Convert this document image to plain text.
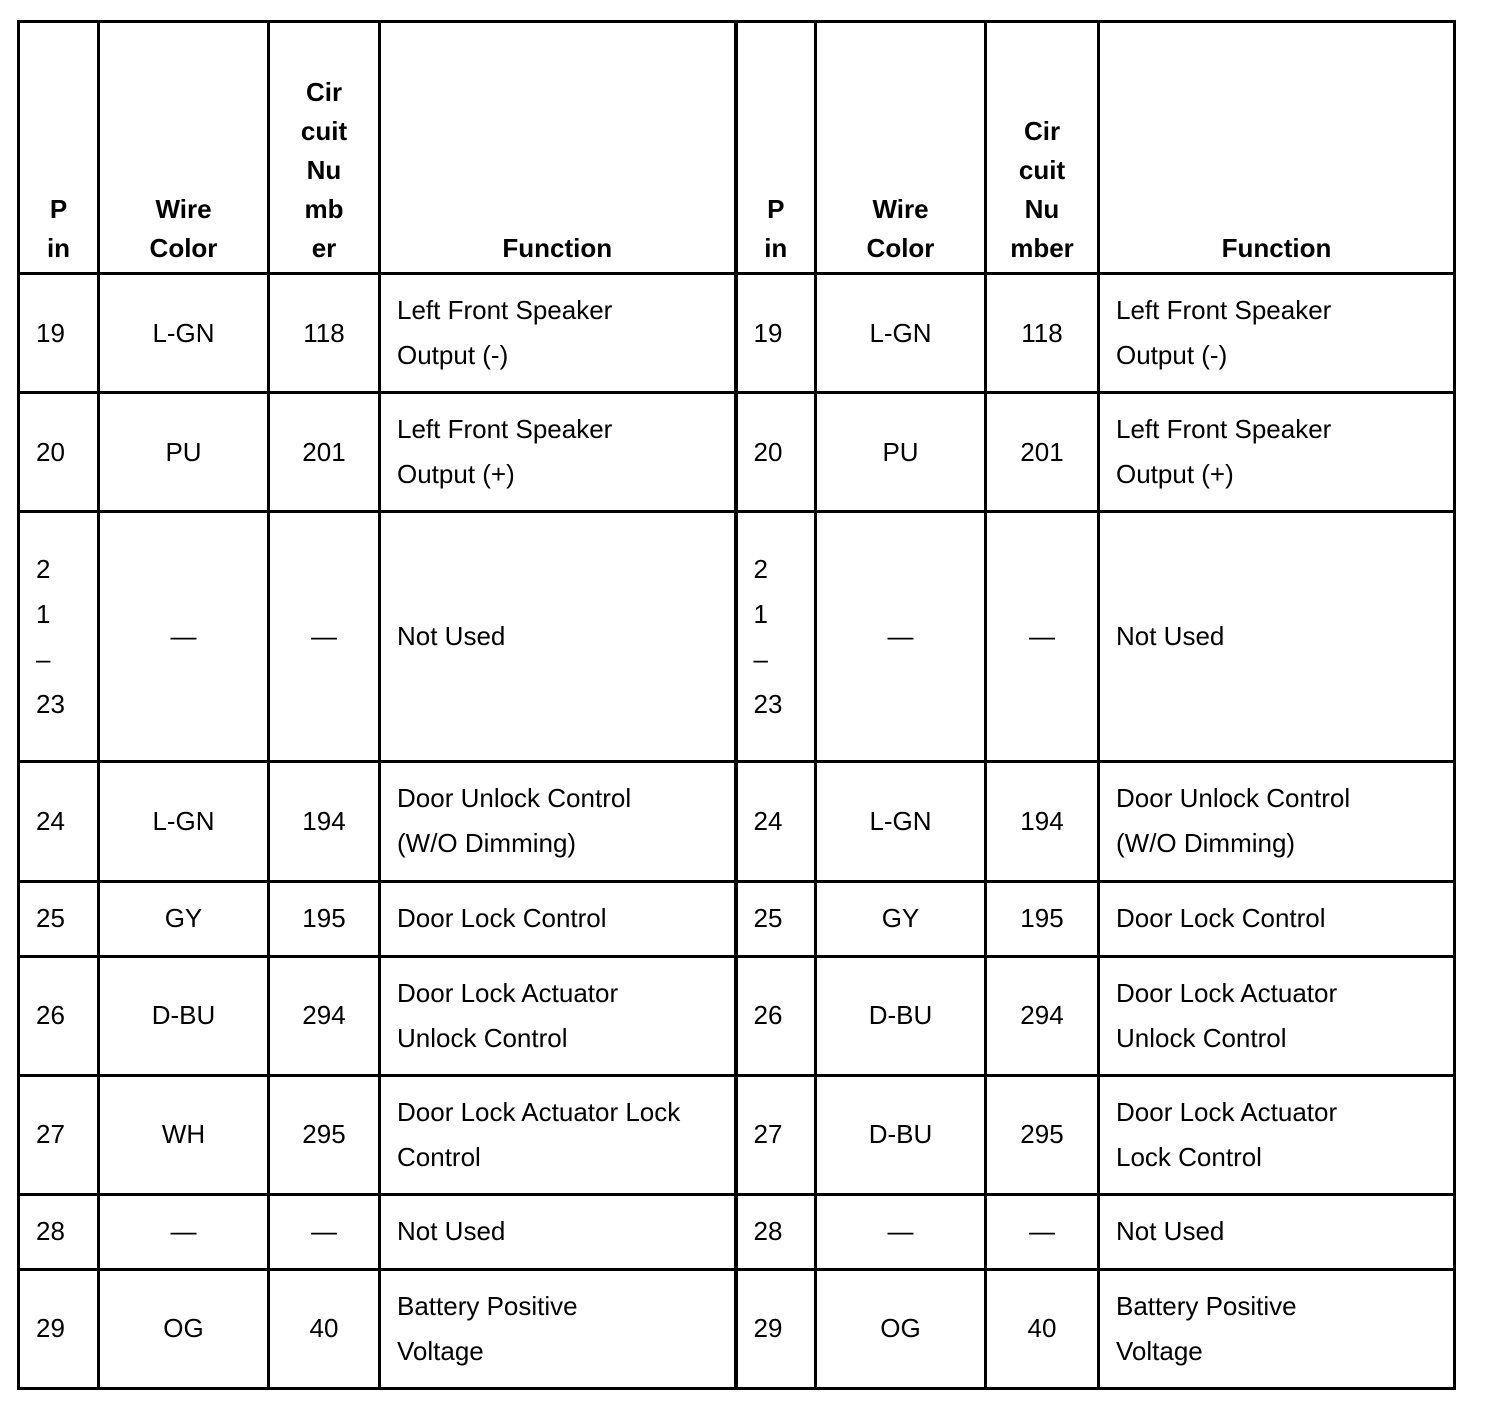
P
in	Wire
Color	Cir
cuit
Nu
mb
er	Function	P
in	Wire
Color	Cir
cuit
Nu
mber	Function

19	L-GN	118	Left Front Speaker
Output (-)	19	L-GN	118	Left Front Speaker
Output (-)

20	PU	201	Left Front Speaker
Output (+)	20	PU	201	Left Front Speaker
Output (+)

2
1
–
23	—	—	Not Used	2
1
–
23	—	—	Not Used

24	L-GN	194	Door Unlock Control
(W/O Dimming)	24	L-GN	194	Door Unlock Control
(W/O Dimming)

25	GY	195	Door Lock Control	25	GY	195	Door Lock Control

26	D-BU	294	Door Lock Actuator
Unlock Control	26	D-BU	294	Door Lock Actuator
Unlock Control

27	WH	295	Door Lock Actuator Lock
Control	27	D-BU	295	Door Lock Actuator
Lock Control

28	—	—	Not Used	28	—	—	Not Used

29	OG	40	Battery Positive
Voltage	29	OG	40	Battery Positive
Voltage
